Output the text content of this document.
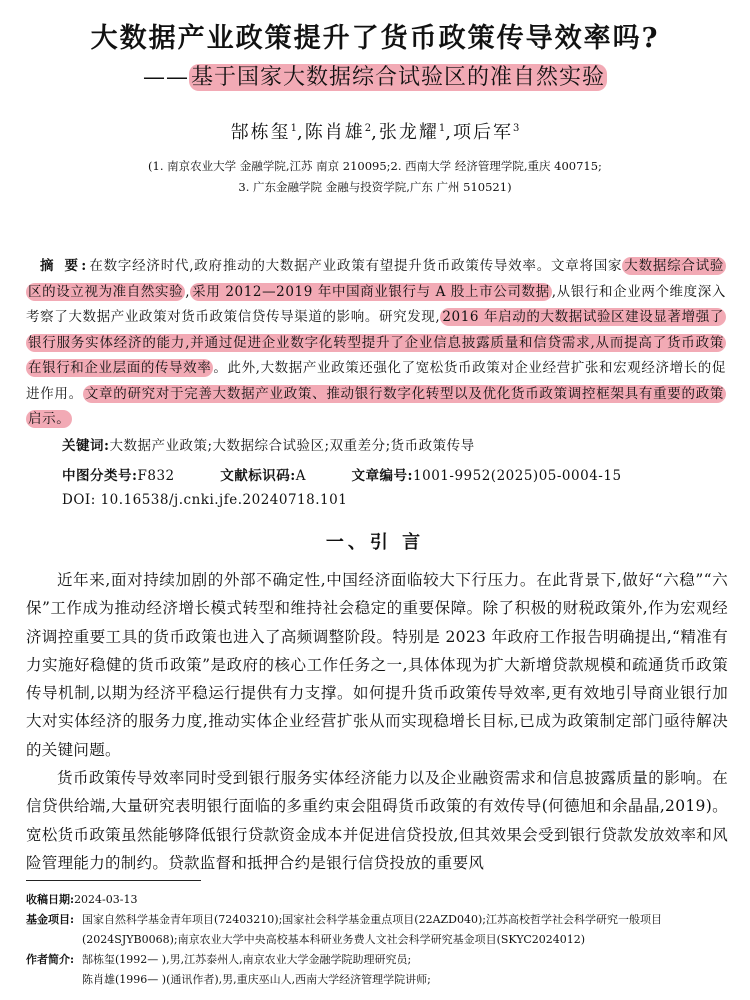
大数据产业政策提升了货币政策传导效率吗?
——基于国家大数据综合试验区的准自然实验
郜栋玺$^1$,陈肖雄$^2$,张龙耀$^1$,项后军$^3$
(1. 南京农业大学 金融学院,江苏 南京 210095;2. 西南大学 经济管理学院,重庆 400715;
3. 广东金融学院 金融与投资学院,广东 广州 510521)
摘 要:在数字经济时代,政府推动的大数据产业政策有望提升货币政策传导效率。文章将国家 大数据综合试验区的设立视为准自然实验 , 采用 2012—2019 年中国商业银行与 A 股上市公司数据 ,从银行和企业两个维度深入考察了大数据产业政策对货币政策信贷传导渠道的影响。研究发现, 2016 年启动的大数据试验区建设显著增强了银行服务实体经济的能力,并通过促进企业数字化转型提升了企业信息披露质量和信贷需求,从而提高了货币政策在银行和企业层面的传导效率 。此外,大数据产业政策还强化了宽松货币政策对企业经营扩张和宏观经济增长的促进作用。 文章的研究对于完善大数据产业政策、推动银行数字化转型以及优化货币政策调控框架具有重要的政策启示。
关键词:大数据产业政策;大数据综合试验区;双重差分;货币政策传导
中图分类号:F832	文献标识码:A	文章编号:1001-9952(2025)05-0004-15
DOI: 10.16538/j.cnki.jfe.20240718.101
一、引 言

近年来,面对持续加剧的外部不确定性,中国经济面临较大下行压力。在此背景下,做好“六稳”“六保”工作成为推动经济增长模式转型和维持社会稳定的重要保障。除了积极的财税政策外,作为宏观经济调控重要工具的货币政策也进入了高频调整阶段。特别是 2023 年政府工作报告明确提出,“精准有力实施好稳健的货币政策”是政府的核心工作任务之一,具体体现为扩大新增贷款规模和疏通货币政策传导机制,以期为经济平稳运行提供有力支撑。如何提升货币政策传导效率,更有效地引导商业银行加大对实体经济的服务力度,推动实体企业经营扩张从而实现稳增长目标,已成为政策制定部门亟待解决的关键问题。

货币政策传导效率同时受到银行服务实体经济能力以及企业融资需求和信息披露质量的影响。在信贷供给端,大量研究表明银行面临的多重约束会阻碍货币政策的有效传导(何德旭和余晶晶,2019)。宽松货币政策虽然能够降低银行贷款资金成本并促进信贷投放,但其效果会受到银行贷款发放效率和风险管理能力的制约。贷款监督和抵押合约是银行信贷投放的重要风

收稿日期:2024-03-13
基金项目: 国家自然科学基金青年项目(72403210);国家社会科学基金重点项目(22AZD040);江苏高校哲学社会科学研究一般项目(2024SJYB0068);南京农业大学中央高校基本科研业务费人文社会科学研究基金项目(SKYC2024012)
作者简介: 郜栋玺(1992— ),男,江苏泰州人,南京农业大学金融学院助理研究员;
陈肖雄(1996— )(通讯作者),男,重庆巫山人,西南大学经济管理学院讲师;
